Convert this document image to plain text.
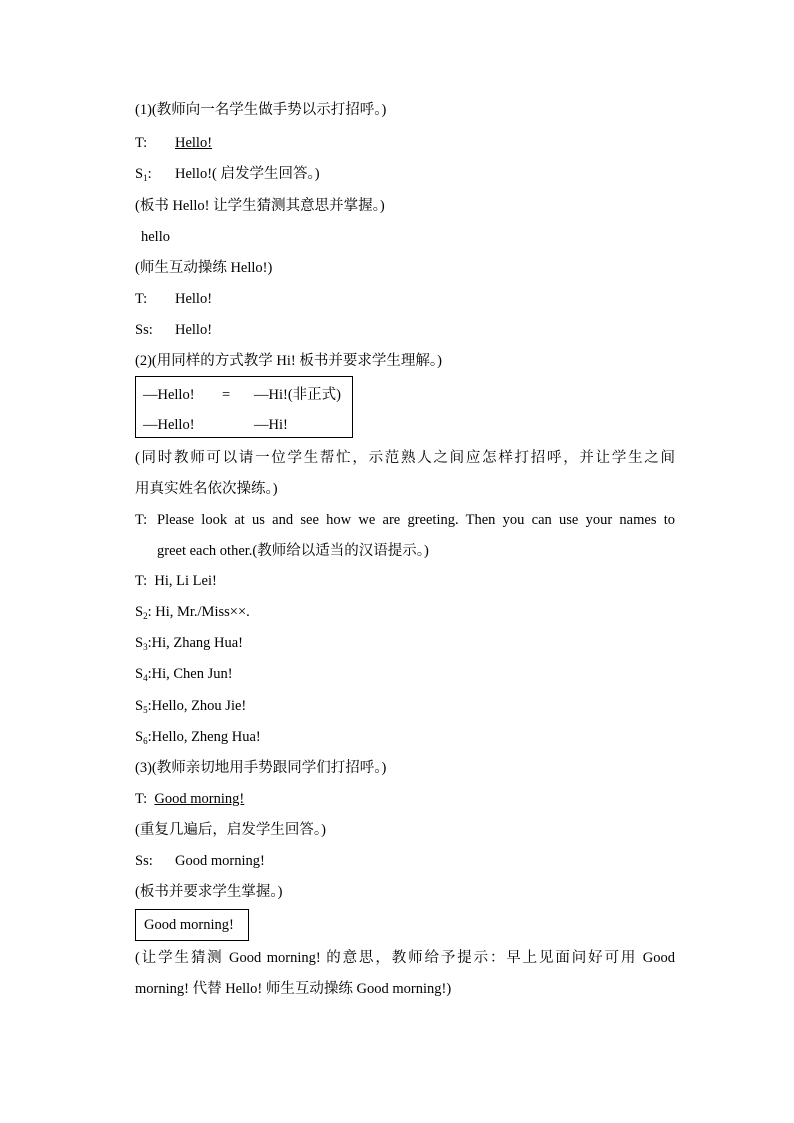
(1)(教师向一名学生做手势以示打招呼。)
T: Hello!
$S_1$: Hello!( 启发学生回答。)
(板书 Hello! 让学生猜测其意思并掌握。)
hello
(师生互动操练 Hello!)
T: Hello!
Ss: Hello!
(2)(用同样的方式教学 Hi! 板书并要求学生理解。)
—Hello! = —Hi!(非正式)
—Hello!	—Hi!
(同时教师可以请一位学生帮忙，示范熟人之间应怎样打招呼，并让学生之间
用真实姓名依次操练。)
T: Please look at us and see how we are greeting. Then you can use your names to
greet each other.(教师给以适当的汉语提示。)
T: Hi, Li Lei!
$S_2$: Hi, Mr./Miss××.
$S_3:Hi$, Zhang Hua!
$S_4:Hi$, Chen Jun!
$S_5:Hello$, Zhou Jie!
$S_6:Hello$, Zheng Hua!
(3)(教师亲切地用手势跟同学们打招呼。)
T: Good morning!
(重复几遍后，启发学生回答。)
Ss: Good morning!
(板书并要求学生掌握。)
Good morning!
(让学生猜测 Good morning! 的意思，教师给予提示：早上见面问好可用 Good
morning! 代替 Hello! 师生互动操练 Good morning!)
